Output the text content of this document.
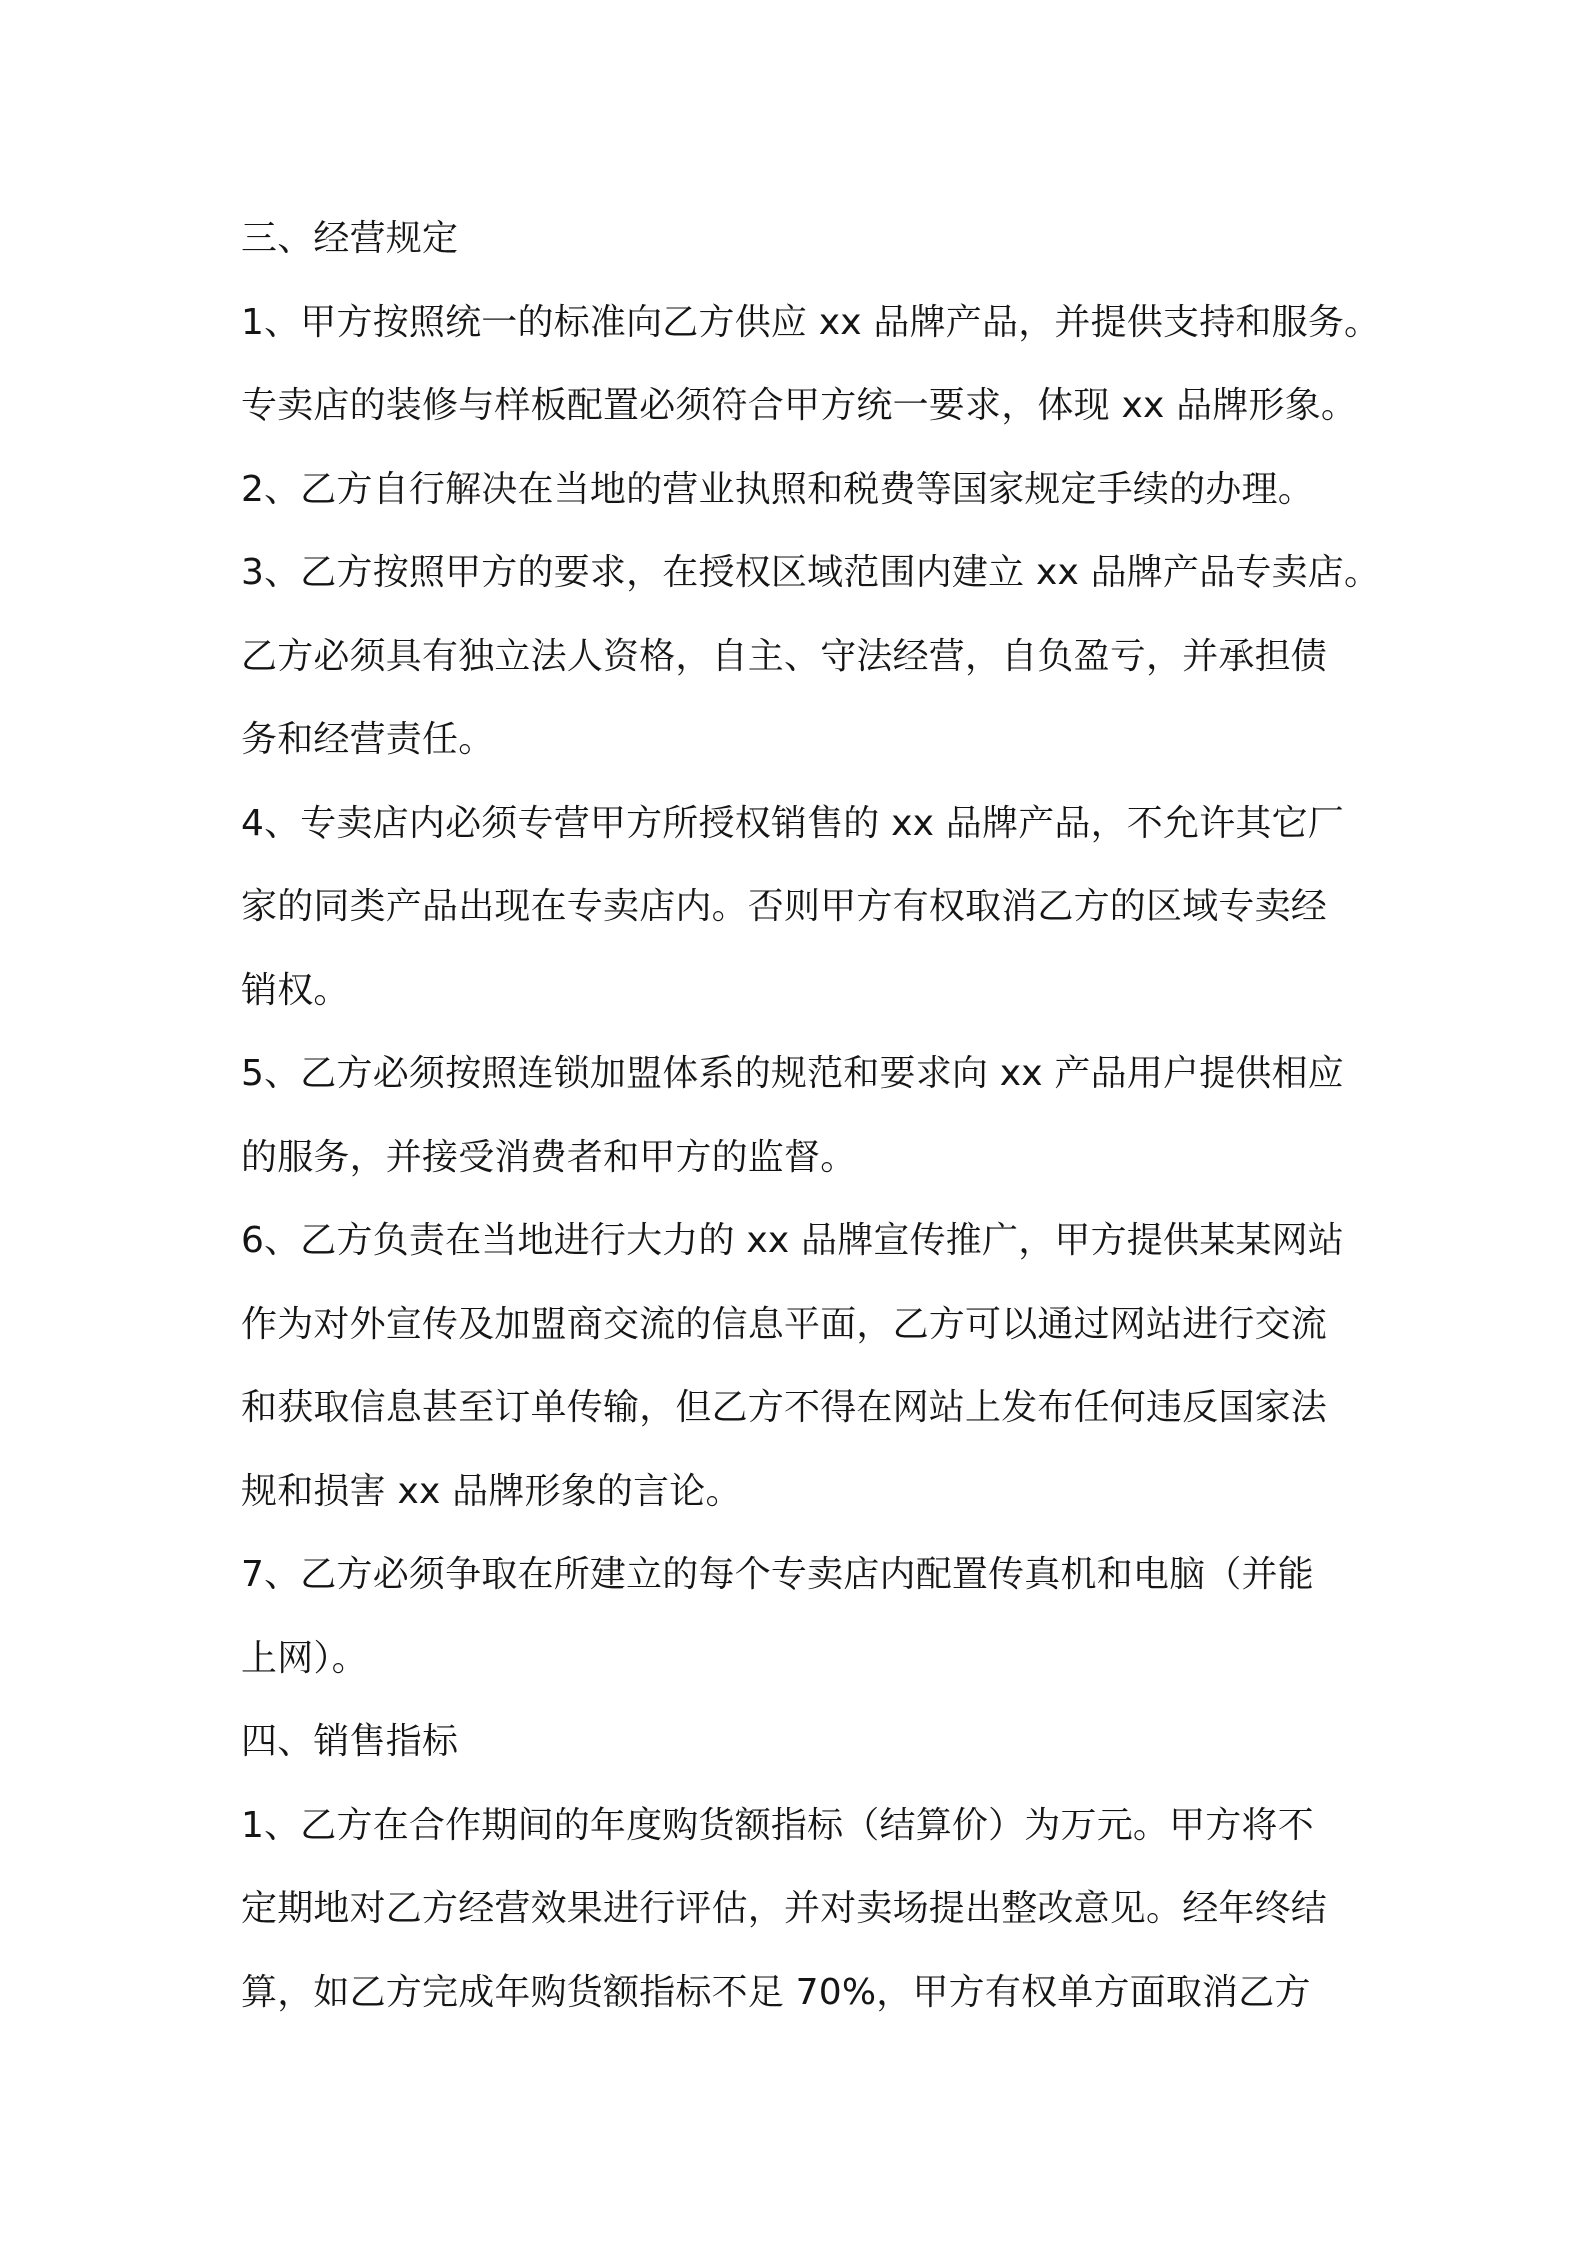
三、经营规定
1、甲方按照统一的标准向乙方供应 xx 品牌产品，并提供支持和服务。
专卖店的装修与样板配置必须符合甲方统一要求，体现 xx 品牌形象。
2、乙方自行解决在当地的营业执照和税费等国家规定手续的办理。
3、乙方按照甲方的要求，在授权区域范围内建立 xx 品牌产品专卖店。
乙方必须具有独立法人资格，自主、守法经营，自负盈亏，并承担债
务和经营责任。
4、专卖店内必须专营甲方所授权销售的 xx 品牌产品，不允许其它厂
家的同类产品出现在专卖店内。否则甲方有权取消乙方的区域专卖经
销权。
5、乙方必须按照连锁加盟体系的规范和要求向 xx 产品用户提供相应
的服务，并接受消费者和甲方的监督。
6、乙方负责在当地进行大力的 xx 品牌宣传推广，甲方提供某某网站
作为对外宣传及加盟商交流的信息平面，乙方可以通过网站进行交流
和获取信息甚至订单传输，但乙方不得在网站上发布任何违反国家法
规和损害 xx 品牌形象的言论。
7、乙方必须争取在所建立的每个专卖店内配置传真机和电脑（并能
上网）。
四、销售指标
1、乙方在合作期间的年度购货额指标（结算价）为万元。甲方将不
定期地对乙方经营效果进行评估，并对卖场提出整改意见。经年终结
算，如乙方完成年购货额指标不足 70%，甲方有权单方面取消乙方
